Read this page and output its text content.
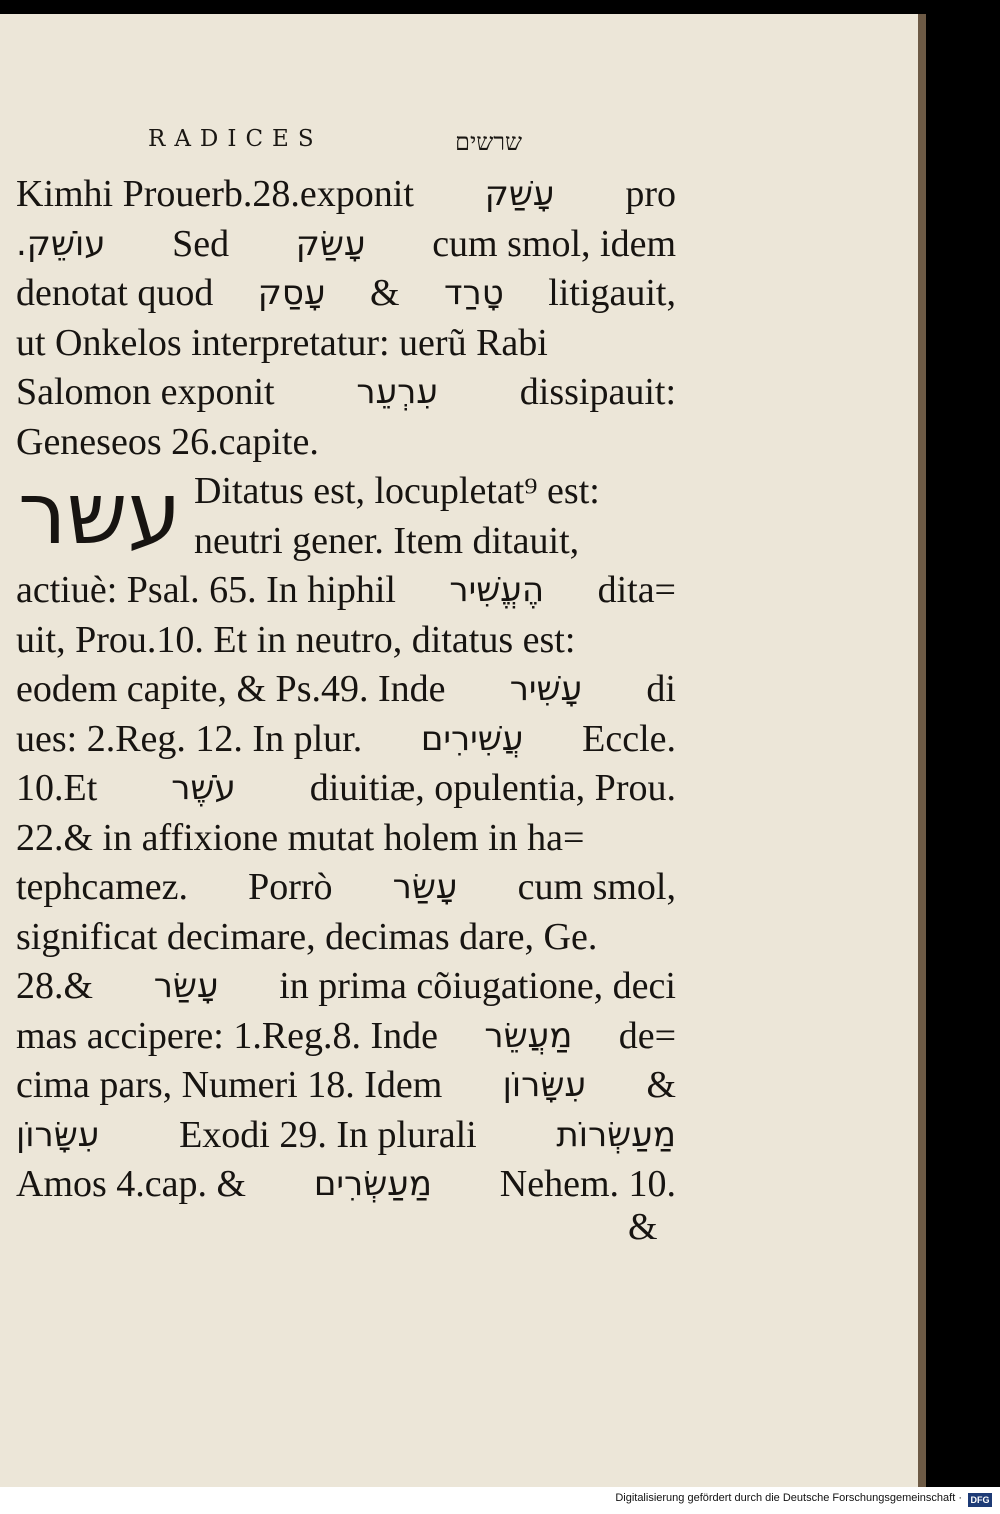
RADICES	שרשים
עשר
Kimhi Prouerb.28.exponit עָשַׁק pro
עוֹשֵׁק. Sed עָשַׂק cum smol, idem
denotat quod עָסַק & טָרַד litigauit,
ut Onkelos interpretatur: uerũ Rabi
Salomon exponit עִרְעֵר dissipauit:
Geneseos 26.capite.
Ditatus est, locupletat⁹ est:
neutri gener. Item ditauit,
actiuè: Psal. 65. In hiphil הֶעֱשִׁיר dita=
uit, Prou.10. Et in neutro, ditatus est:
eodem capite, & Ps.49. Inde עָשִׁיר di
ues: 2.Reg. 12. In plur. עֲשִׁירִים Eccle.
10.Et עֹשֶׁר diuitiæ, opulentia, Prou.
22.& in affixione mutat holem in ha=
tephcamez. Porrò עָשַׂר cum smol,
significat decimare, decimas dare, Ge.
28.& עָשַׂר in prima cõiugatione, deci
mas accipere: 1.Reg.8. Inde מַעֲשֵׂר de=
cima pars, Numeri 18. Idem עִשָּׂרוֹן &
עִשָּׂרוֹן Exodi 29. In plurali מַעַשְׂרוֹת
Amos 4.cap. & מַעַשְׂרִים Nehem. 10.
&
Digitalisierung gefördert durch die Deutsche Forschungsgemeinschaft · DFG
